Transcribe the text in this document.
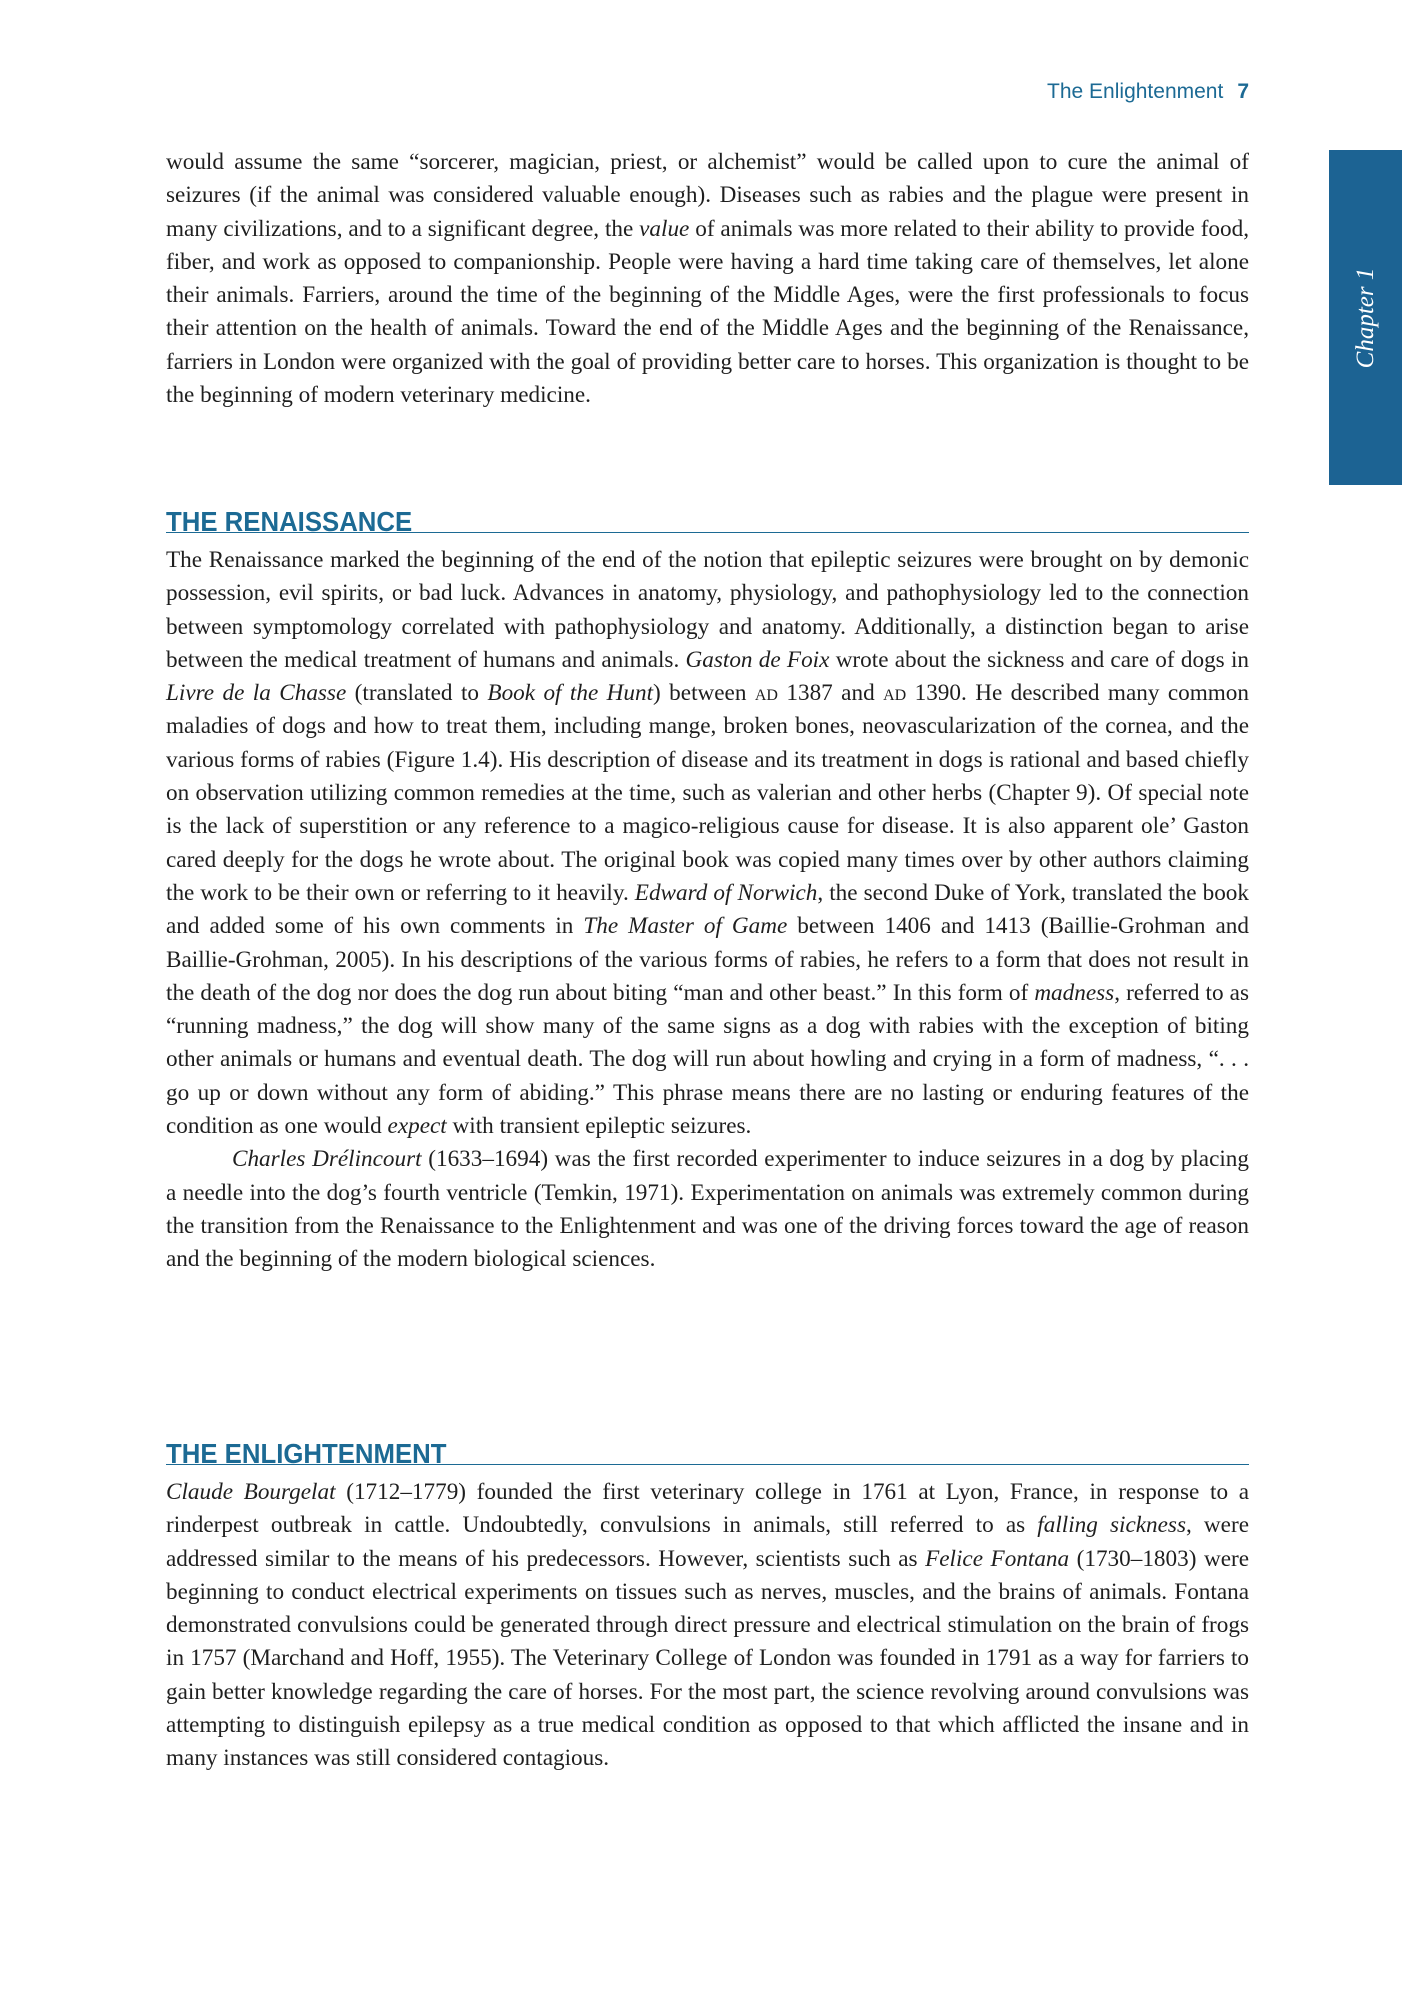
The Enlightenment 7
Chapter 1

would assume the same “sorcerer, magician, priest, or alchemist” would be called upon to cure the animal of seizures (if the animal was considered valuable enough). Diseases such as rabies and the plague were present in many civilizations, and to a significant degree, the value of animals was more related to their ability to provide food, fiber, and work as opposed to companionship. People were having a hard time taking care of themselves, let alone their animals. Farriers, around the time of the beginning of the Middle Ages, were the first professionals to focus their attention on the health of animals. Toward the end of the Middle Ages and the beginning of the Renaissance, farriers in London were organized with the goal of providing better care to horses. This organization is thought to be the beginning of modern veterinary medicine.

THE RENAISSANCE

The Renaissance marked the beginning of the end of the notion that epileptic seizures were brought on by demonic possession, evil spirits, or bad luck. Advances in anatomy, physiology, and pathophysiology led to the connection between symptomology correlated with pathophysiology and anatomy. Additionally, a distinction began to arise between the medical treatment of humans and animals. Gaston de Foix wrote about the sickness and care of dogs in Livre de la Chasse (translated to Book of the Hunt) between ad 1387 and ad 1390. He described many common maladies of dogs and how to treat them, including mange, broken bones, neovascularization of the cornea, and the various forms of rabies (Figure 1.4). His description of disease and its treatment in dogs is rational and based chiefly on observation utilizing common remedies at the time, such as valerian and other herbs (Chapter 9). Of special note is the lack of superstition or any reference to a magico-religious cause for disease. It is also apparent ole’ Gaston cared deeply for the dogs he wrote about. The original book was copied many times over by other authors claiming the work to be their own or referring to it heavily. Edward of Norwich, the second Duke of York, translated the book and added some of his own comments in The Master of Game between 1406 and 1413 (Baillie-Grohman and Baillie-Grohman, 2005). In his descriptions of the various forms of rabies, he refers to a form that does not result in the death of the dog nor does the dog run about biting “man and other beast.” In this form of madness, referred to as “running madness,” the dog will show many of the same signs as a dog with rabies with the exception of biting other animals or humans and eventual death. The dog will run about howling and crying in a form of madness, “. . . go up or down without any form of abiding.” This phrase means there are no lasting or enduring features of the condition as one would expect with transient epileptic seizures.

Charles Drélincourt (1633–1694) was the first recorded experimenter to induce seizures in a dog by placing a needle into the dog’s fourth ventricle (Temkin, 1971). Experimentation on animals was extremely common during the transition from the Renaissance to the Enlightenment and was one of the driving forces toward the age of reason and the beginning of the modern biological sciences.

THE ENLIGHTENMENT

Claude Bourgelat (1712–1779) founded the first veterinary college in 1761 at Lyon, France, in response to a rinderpest outbreak in cattle. Undoubtedly, convulsions in animals, still referred to as falling sickness, were addressed similar to the means of his predecessors. However, scientists such as Felice Fontana (1730–1803) were beginning to conduct electrical experiments on tissues such as nerves, muscles, and the brains of animals. Fontana demonstrated convulsions could be generated through direct pressure and electrical stimulation on the brain of frogs in 1757 (Marchand and Hoff, 1955). The Veterinary College of London was founded in 1791 as a way for farriers to gain better knowledge regarding the care of horses. For the most part, the science revolving around convulsions was attempting to distinguish epilepsy as a true medical condition as opposed to that which afflicted the insane and in many instances was still considered contagious.
